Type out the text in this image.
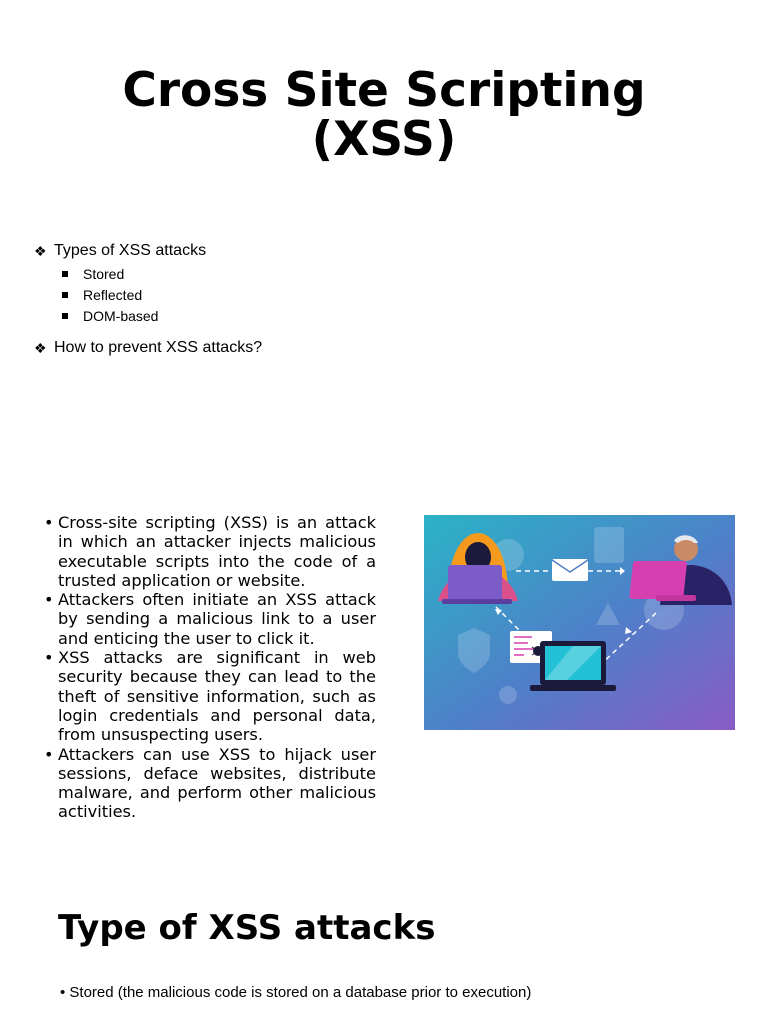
Cross Site Scripting (XSS)
❖ Types of XSS attacks
Stored
Reflected
DOM-based
❖ How to prevent XSS attacks?
• Cross-site scripting (XSS) is an attack in which an attacker injects malicious executable scripts into the code of a trusted application or website.
• Attackers often initiate an XSS attack by sending a malicious link to a user and enticing the user to click it.
• XSS attacks are significant in web security because they can lead to the theft of sensitive information, such as login credentials and personal data, from unsuspecting users.
• Attackers can use XSS to hijack user sessions, deface websites, distribute malware, and perform other malicious activities.
Type of XSS attacks
• Stored (the malicious code is stored on a database prior to execution)
